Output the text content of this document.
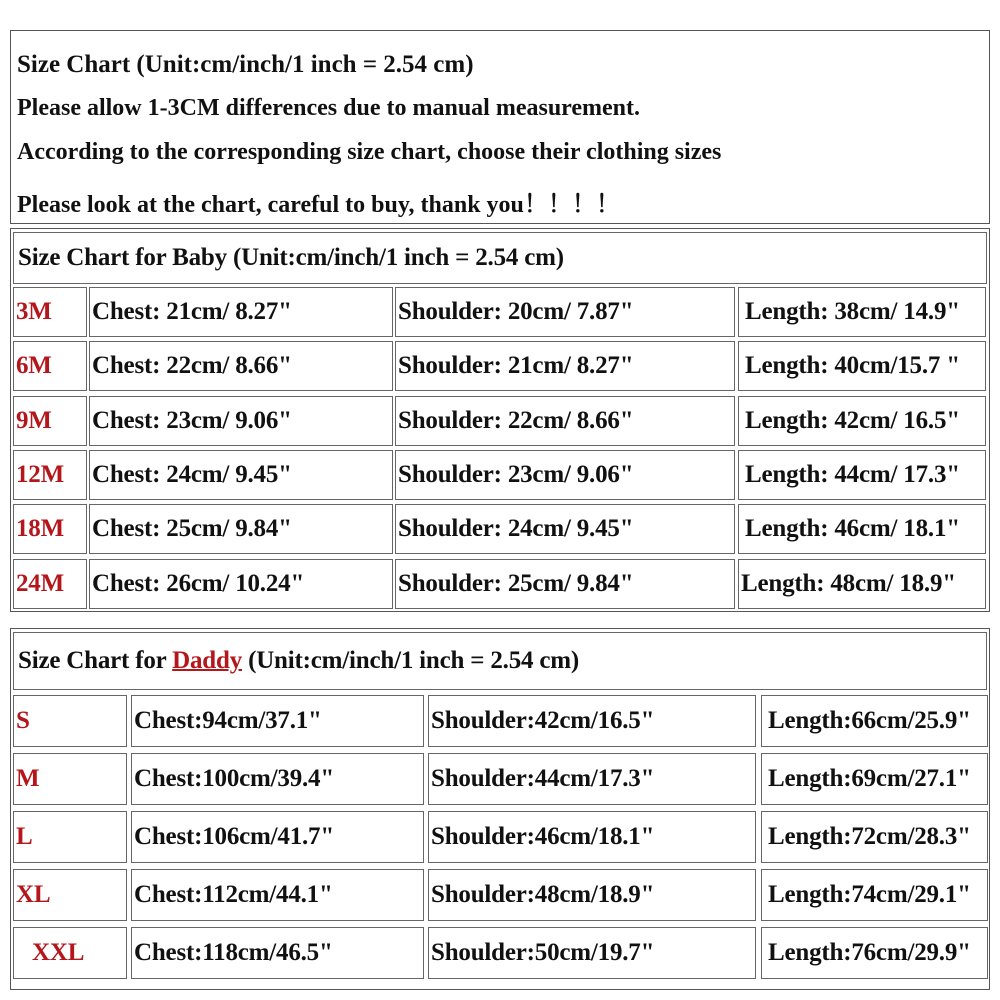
Size Chart (Unit:cm/inch/1 inch = 2.54 cm)
Please allow 1-3CM differences due to manual measurement.
According to the corresponding size chart, choose their clothing sizes
Please look at the chart, careful to buy, thank you！！！！
Size Chart for Baby (Unit:cm/inch/1 inch = 2.54 cm)
3M Chest: 21cm/ 8.27"	Shoulder: 20cm/ 7.87"	Length: 38cm/ 14.9"
6M Chest: 22cm/ 8.66"	Shoulder: 21cm/ 8.27"	Length: 40cm/15.7 "
9M Chest: 23cm/ 9.06"	Shoulder: 22cm/ 8.66"	Length: 42cm/ 16.5"
12M Chest: 24cm/ 9.45"	Shoulder: 23cm/ 9.06"	Length: 44cm/ 17.3"
18M Chest: 25cm/ 9.84"	Shoulder: 24cm/ 9.45"	Length: 46cm/ 18.1"
24M Chest: 26cm/ 10.24"	Shoulder: 25cm/ 9.84"	Length: 48cm/ 18.9"
Size Chart for Daddy (Unit:cm/inch/1 inch = 2.54 cm)
S	Chest:94cm/37.1"	Shoulder:42cm/16.5"	Length:66cm/25.9"
M	Chest:100cm/39.4"	Shoulder:44cm/17.3"	Length:69cm/27.1"
L	Chest:106cm/41.7"	Shoulder:46cm/18.1"	Length:72cm/28.3"
XL	Chest:112cm/44.1"	Shoulder:48cm/18.9"	Length:74cm/29.1"
XXL Chest:118cm/46.5"	Shoulder:50cm/19.7"	Length:76cm/29.9"
